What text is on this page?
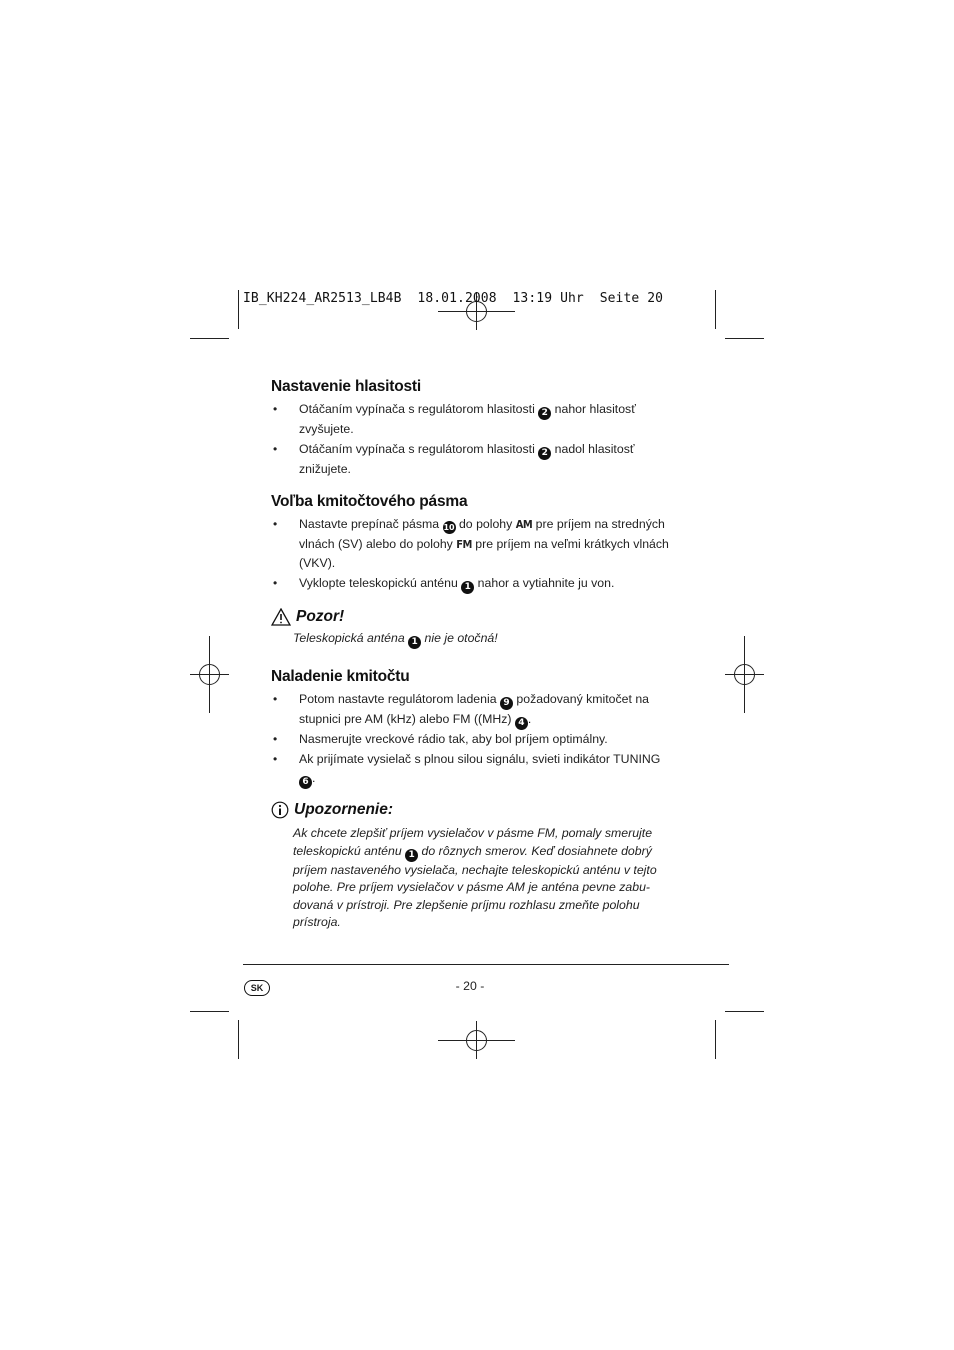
IB_KH224_AR2513_LB4B  18.01.2008  13:19 Uhr  Seite 20
Nastavenie hlasitosti
• Otáčaním vypínača s regulátorom hlasitosti 2 nahor hlasitosť
zvyšujete.
• Otáčaním vypínača s regulátorom hlasitosti 2 nadol hlasitosť
znižujete.
Voľba kmitočtového pásma
• Nastavte prepínač pásma 10 do polohy AM pre príjem na stredných
vlnách (SV) alebo do polohy FM pre príjem na veľmi krátkych vlnách
(VKV).
• Vyklopte teleskopickú anténu 1 nahor a vytiahnite ju von.
Pozor!
Teleskopická anténa 1 nie je otočná!
Naladenie kmitočtu
• Potom nastavte regulátorom ladenia 9 požadovaný kmitočet na
stupnici pre AM (kHz) alebo FM ((MHz) 4 .
• Nasmerujte vreckové rádio tak, aby bol príjem optimálny.
• Ak prijímate vysielač s plnou silou signálu, svieti indikátor TUNING
6 .
Upozornenie:
Ak chcete zlepšiť príjem vysielačov v pásme FM, pomaly smerujte
teleskopickú anténu 1 do rôznych smerov. Keď dosiahnete dobrý
príjem nastaveného vysielača, nechajte teleskopickú anténu v tejto
polohe. Pre príjem vysielačov v pásme AM je anténa pevne zabu-
dovaná v prístroji. Pre zlepšenie príjmu rozhlasu zmeňte polohu
prístroja.
SK	- 20 -
